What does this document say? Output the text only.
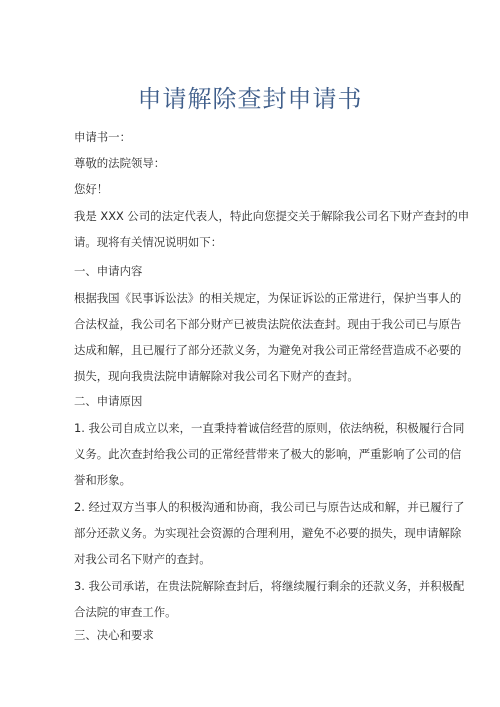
申请解除查封申请书
申请书一：
尊敬的法院领导：
您好！
我是 XXX 公司的法定代表人，特此向您提交关于解除我公司名下财产查封的申
请。现将有关情况说明如下：
一、申请内容
根据我国《民事诉讼法》的相关规定，为保证诉讼的正常进行，保护当事人的
合法权益，我公司名下部分财产已被贵法院依法查封。现由于我公司已与原告
达成和解，且已履行了部分还款义务，为避免对我公司正常经营造成不必要的
损失，现向我贵法院申请解除对我公司名下财产的查封。
二、申请原因
1. 我公司自成立以来，一直秉持着诚信经营的原则，依法纳税，积极履行合同
义务。此次查封给我公司的正常经营带来了极大的影响，严重影响了公司的信
誉和形象。
2. 经过双方当事人的积极沟通和协商，我公司已与原告达成和解，并已履行了
部分还款义务。为实现社会资源的合理利用，避免不必要的损失，现申请解除
对我公司名下财产的查封。
3. 我公司承诺，在贵法院解除查封后，将继续履行剩余的还款义务，并积极配
合法院的审查工作。
三、决心和要求
